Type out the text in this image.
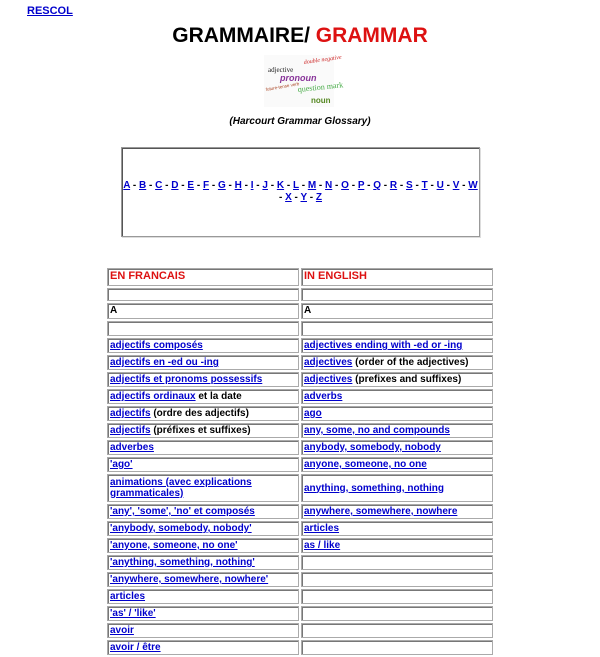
RESCOL
GRAMMAIRE/ GRAMMAR
double negative
adjective
pronoun
future-tense verb
question mark
noun
(Harcourt Grammar Glossary)
A - B - C - D - E - F - G - H - I - J - K - L - M - N - O - P - Q - R - S - T - U - V - W - X - Y - Z
EN FRANCAIS	IN ENGLISH

A	A

adjectifs composés	adjectives ending with -ed or -ing
adjectifs en -ed ou -ing	adjectives (order of the adjectives)
adjectifs et pronoms possessifs	adjectives (prefixes and suffixes)
adjectifs ordinaux et la date	adverbs
adjectifs (ordre des adjectifs)	ago
adjectifs (préfixes et suffixes)	any, some, no and compounds
adverbes	anybody, somebody, nobody
'ago'	anyone, someone, no one
animations (avec explications grammaticales)	anything, something, nothing
'any', 'some', 'no' et composés	anywhere, somewhere, nowhere
'anybody, somebody, nobody'	articles
'anyone, someone, no one'	as / like
'anything, something, nothing'	
'anywhere, somewhere, nowhere'	
articles	
'as' / 'like'	
avoir	
avoir / être	
